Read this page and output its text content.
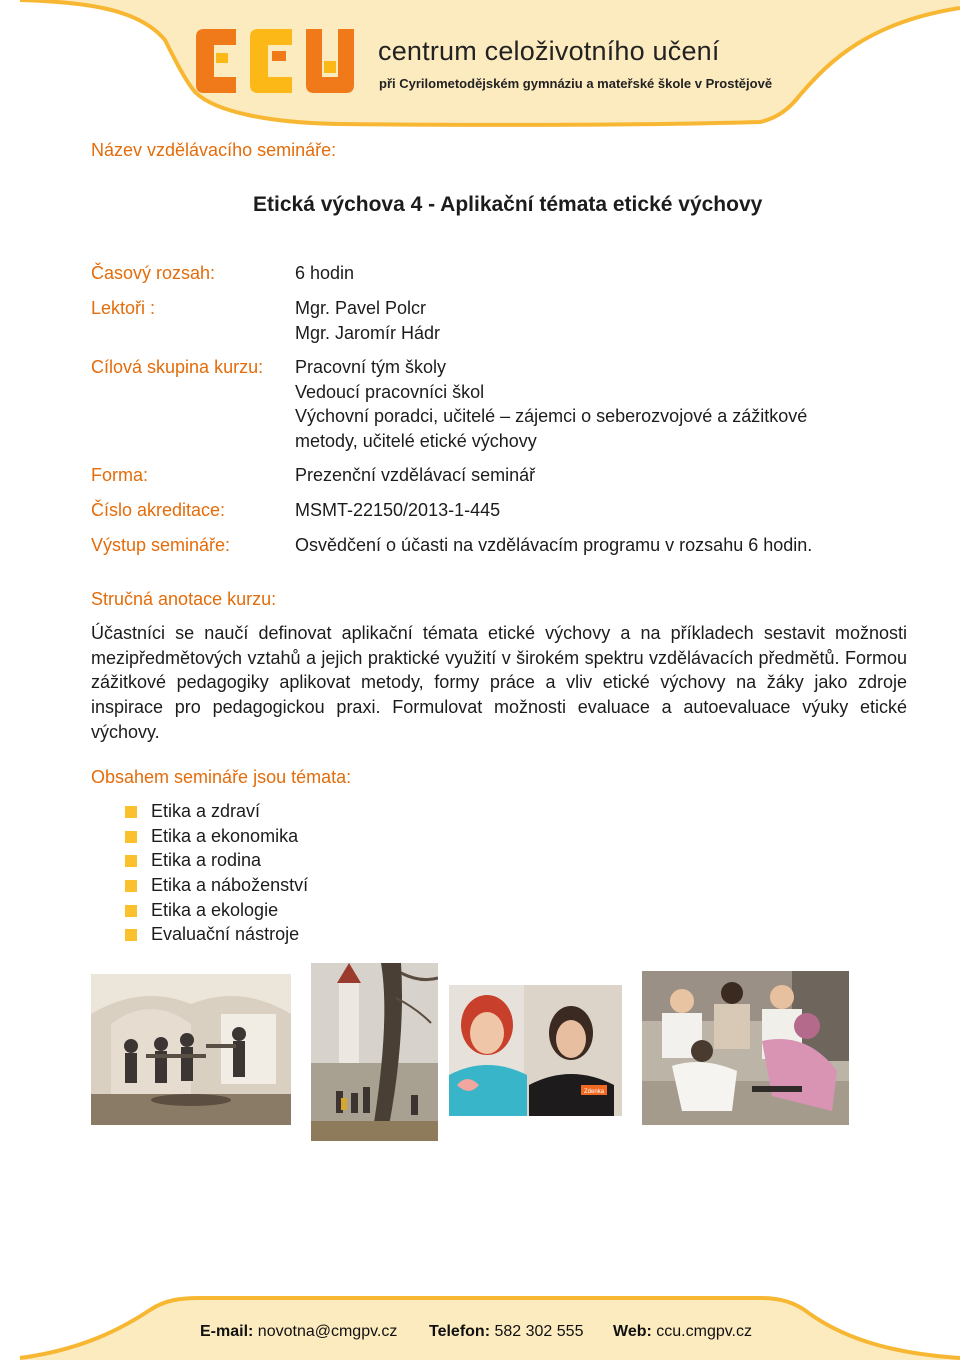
centrum celoživotního učení
při Cyrilometodějském gymnáziu a mateřské škole v Prostějově
Název vzdělávacího semináře:
Etická výchova 4 - Aplikační témata etické výchovy
Časový rozsah:	6 hodin
Lektoři :	Mgr. Pavel Polcr
Mgr. Jaromír Hádr
Cílová skupina kurzu: Pracovní tým školy
Vedoucí pracovníci škol
Výchovní poradci, učitelé – zájemci o seberozvojové a zážitkové
metody, učitelé etické výchovy
Forma:	Prezenční vzdělávací seminář
Číslo akreditace:	MSMT-22150/2013-1-445
Výstup semináře:	Osvědčení o účasti na vzdělávacím programu v rozsahu 6 hodin.
Stručná anotace kurzu:
Účastníci se naučí definovat aplikační témata etické výchovy a na příkladech sestavit možnosti mezipředmětových vztahů a jejich praktické využití v širokém spektru vzdělávacích předmětů. Formou zážitkové pedagogiky aplikovat metody, formy práce a vliv etické výchovy na žáky jako zdroje inspirace pro pedagogickou praxi. Formulovat možnosti evaluace a autoevaluace výuky etické výchovy.
Obsahem semináře jsou témata:
Etika a zdraví
Etika a ekonomika
Etika a rodina
Etika a náboženství
Etika a ekologie
Evaluační nástroje
Zdenka
E-mail: novotna@cmgpv.cz Telefon: 582 302 555 Web: ccu.cmgpv.cz
